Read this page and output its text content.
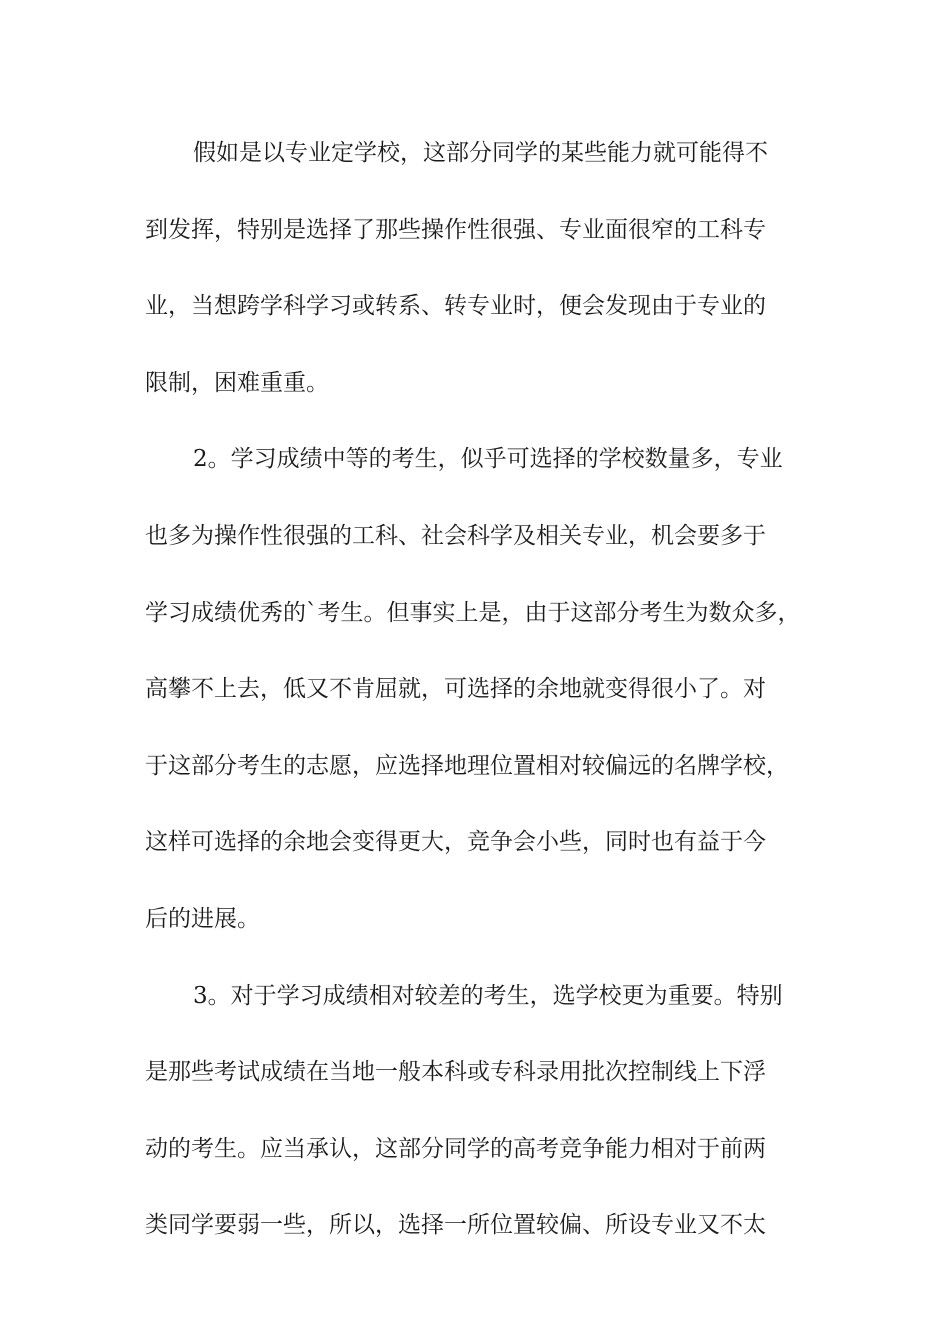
假如是以专业定学校，这部分同学的某些能力就可能得不
到发挥，特别是选择了那些操作性很强、专业面很窄的工科专
业，当想跨学科学习或转系、转专业时，便会发现由于专业的
限制，困难重重。
2。学习成绩中等的考生，似乎可选择的学校数量多，专业
也多为操作性很强的工科、社会科学及相关专业，机会要多于
学习成绩优秀的`考生。但事实上是，由于这部分考生为数众多，
高攀不上去，低又不肯屈就，可选择的余地就变得很小了。对
于这部分考生的志愿，应选择地理位置相对较偏远的名牌学校，
这样可选择的余地会变得更大，竞争会小些，同时也有益于今
后的进展。
3。对于学习成绩相对较差的考生，选学校更为重要。特别
是那些考试成绩在当地一般本科或专科录用批次控制线上下浮
动的考生。应当承认，这部分同学的高考竞争能力相对于前两
类同学要弱一些，所以，选择一所位置较偏、所设专业又不太
